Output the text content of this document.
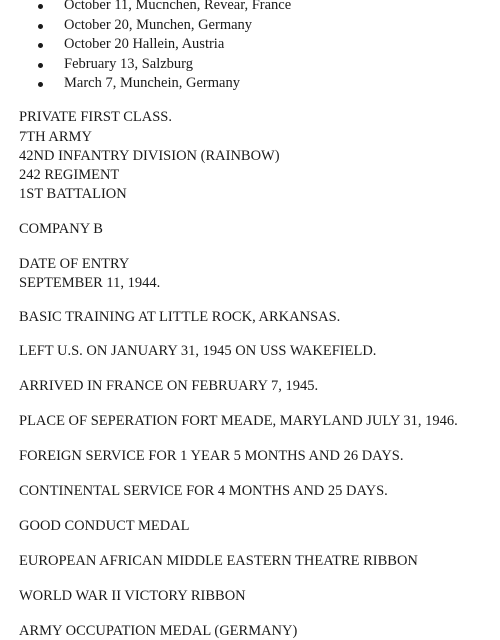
October 11, Mucnchen, Revear, France
October 20, Munchen, Germany
October 20 Hallein, Austria
February 13, Salzburg
March 7, Munchein, Germany
PRIVATE FIRST CLASS.
7TH ARMY
42ND INFANTRY DIVISION (RAINBOW)
242 REGIMENT
1ST BATTALION
COMPANY B
DATE OF ENTRY
SEPTEMBER 11, 1944.
BASIC TRAINING AT LITTLE ROCK, ARKANSAS.
LEFT U.S. ON JANUARY 31, 1945 ON USS WAKEFIELD.
ARRIVED IN FRANCE ON FEBRUARY 7, 1945.
PLACE OF SEPERATION FORT MEADE, MARYLAND JULY 31, 1946.
FOREIGN SERVICE FOR 1 YEAR 5 MONTHS AND 26 DAYS.
CONTINENTAL SERVICE FOR 4 MONTHS AND 25 DAYS.
GOOD CONDUCT MEDAL
EUROPEAN AFRICAN MIDDLE EASTERN THEATRE RIBBON
WORLD WAR II VICTORY RIBBON
ARMY OCCUPATION MEDAL (GERMANY)
